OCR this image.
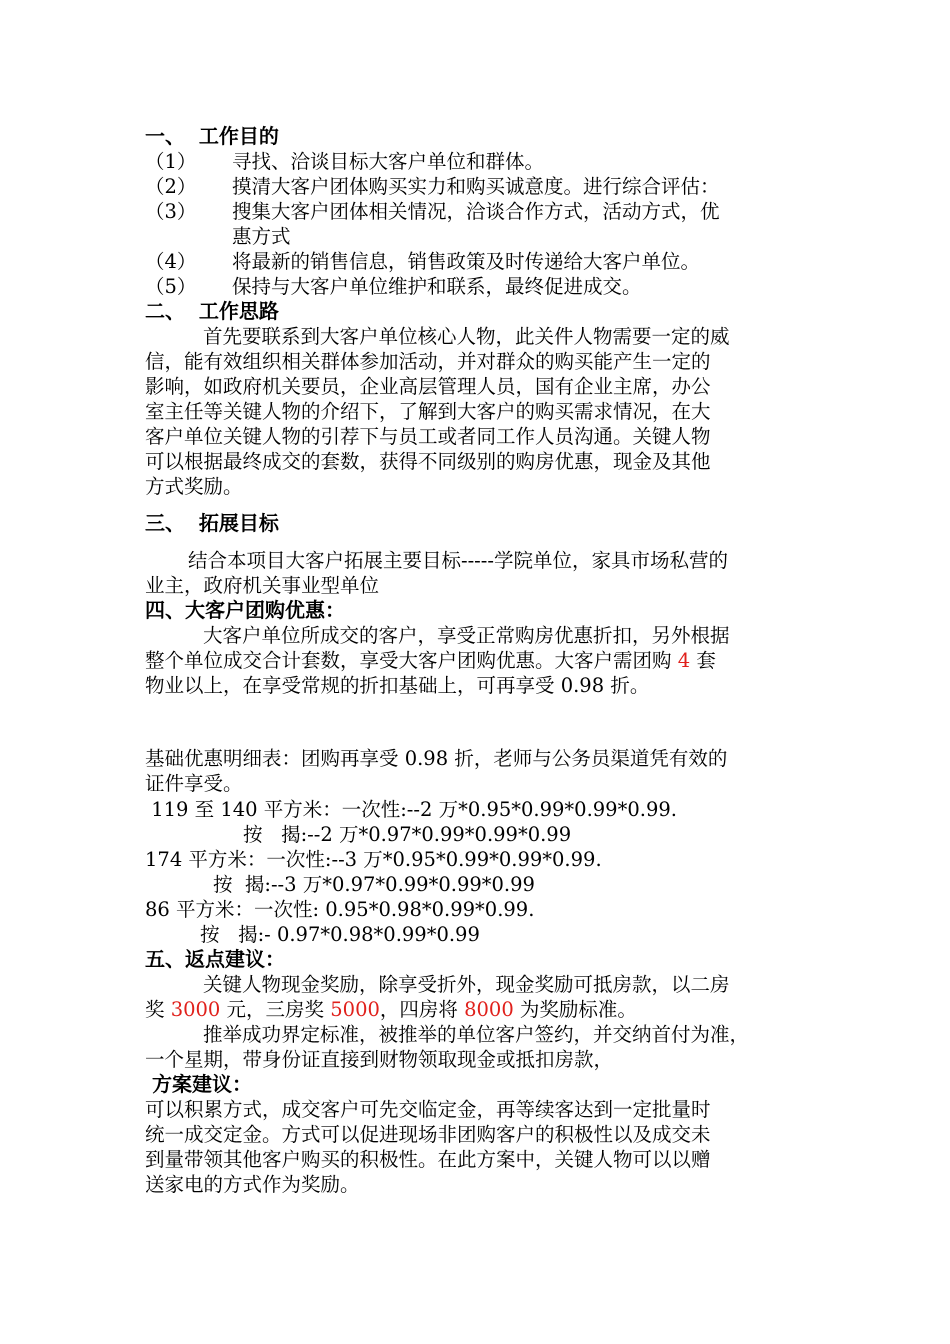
一、  工作目的
（1） 寻找、洽谈目标大客户单位和群体。
（2） 摸清大客户团体购买实力和购买诚意度。进行综合评估：
（3） 搜集大客户团体相关情况，洽谈合作方式，活动方式，优
惠方式
（4） 将最新的销售信息，销售政策及时传递给大客户单位。
（5） 保持与大客户单位维护和联系，最终促进成交。
二、  工作思路
首先要联系到大客户单位核心人物，此关件人物需要一定的威
信，能有效组织相关群体参加活动，并对群众的购买能产生一定的
影响，如政府机关要员，企业高层管理人员，国有企业主席，办公
室主任等关键人物的介绍下，了解到大客户的购买需求情况，在大
客户单位关键人物的引荐下与员工或者同工作人员沟通。关键人物
可以根据最终成交的套数，获得不同级别的购房优惠，现金及其他
方式奖励。
三、  拓展目标
结合本项目大客户拓展主要目标-----学院单位，家具市场私营的
业主，政府机关事业型单位
四、大客户团购优惠：
大客户单位所成交的客户，享受正常购房优惠折扣，另外根据
整个单位成交合计套数，享受大客户团购优惠。大客户需团购 4 套
物业以上，在享受常规的折扣基础上，可再享受 0.98 折。
基础优惠明细表：团购再享受 0.98 折，老师与公务员渠道凭有效的
证件享受。
119 至 140 平方米：一次性:--2 万*0.95*0.99*0.99*0.99.
按   揭:--2 万*0.97*0.99*0.99*0.99
174 平方米：一次性:--3 万*0.95*0.99*0.99*0.99.
按  揭:--3 万*0.97*0.99*0.99*0.99
86 平方米：一次性: 0.95*0.98*0.99*0.99.
按   揭:- 0.97*0.98*0.99*0.99
五、返点建议：
关键人物现金奖励，除享受折外，现金奖励可抵房款，以二房
奖 3000 元，三房奖 5000，四房将 8000 为奖励标准。
推举成功界定标准，被推举的单位客户签约，并交纳首付为准，
一个星期，带身份证直接到财物领取现金或抵扣房款，
方案建议：
可以积累方式，成交客户可先交临定金，再等续客达到一定批量时
统一成交定金。方式可以促进现场非团购客户的积极性以及成交未
到量带领其他客户购买的积极性。在此方案中，关键人物可以以赠
送家电的方式作为奖励。
